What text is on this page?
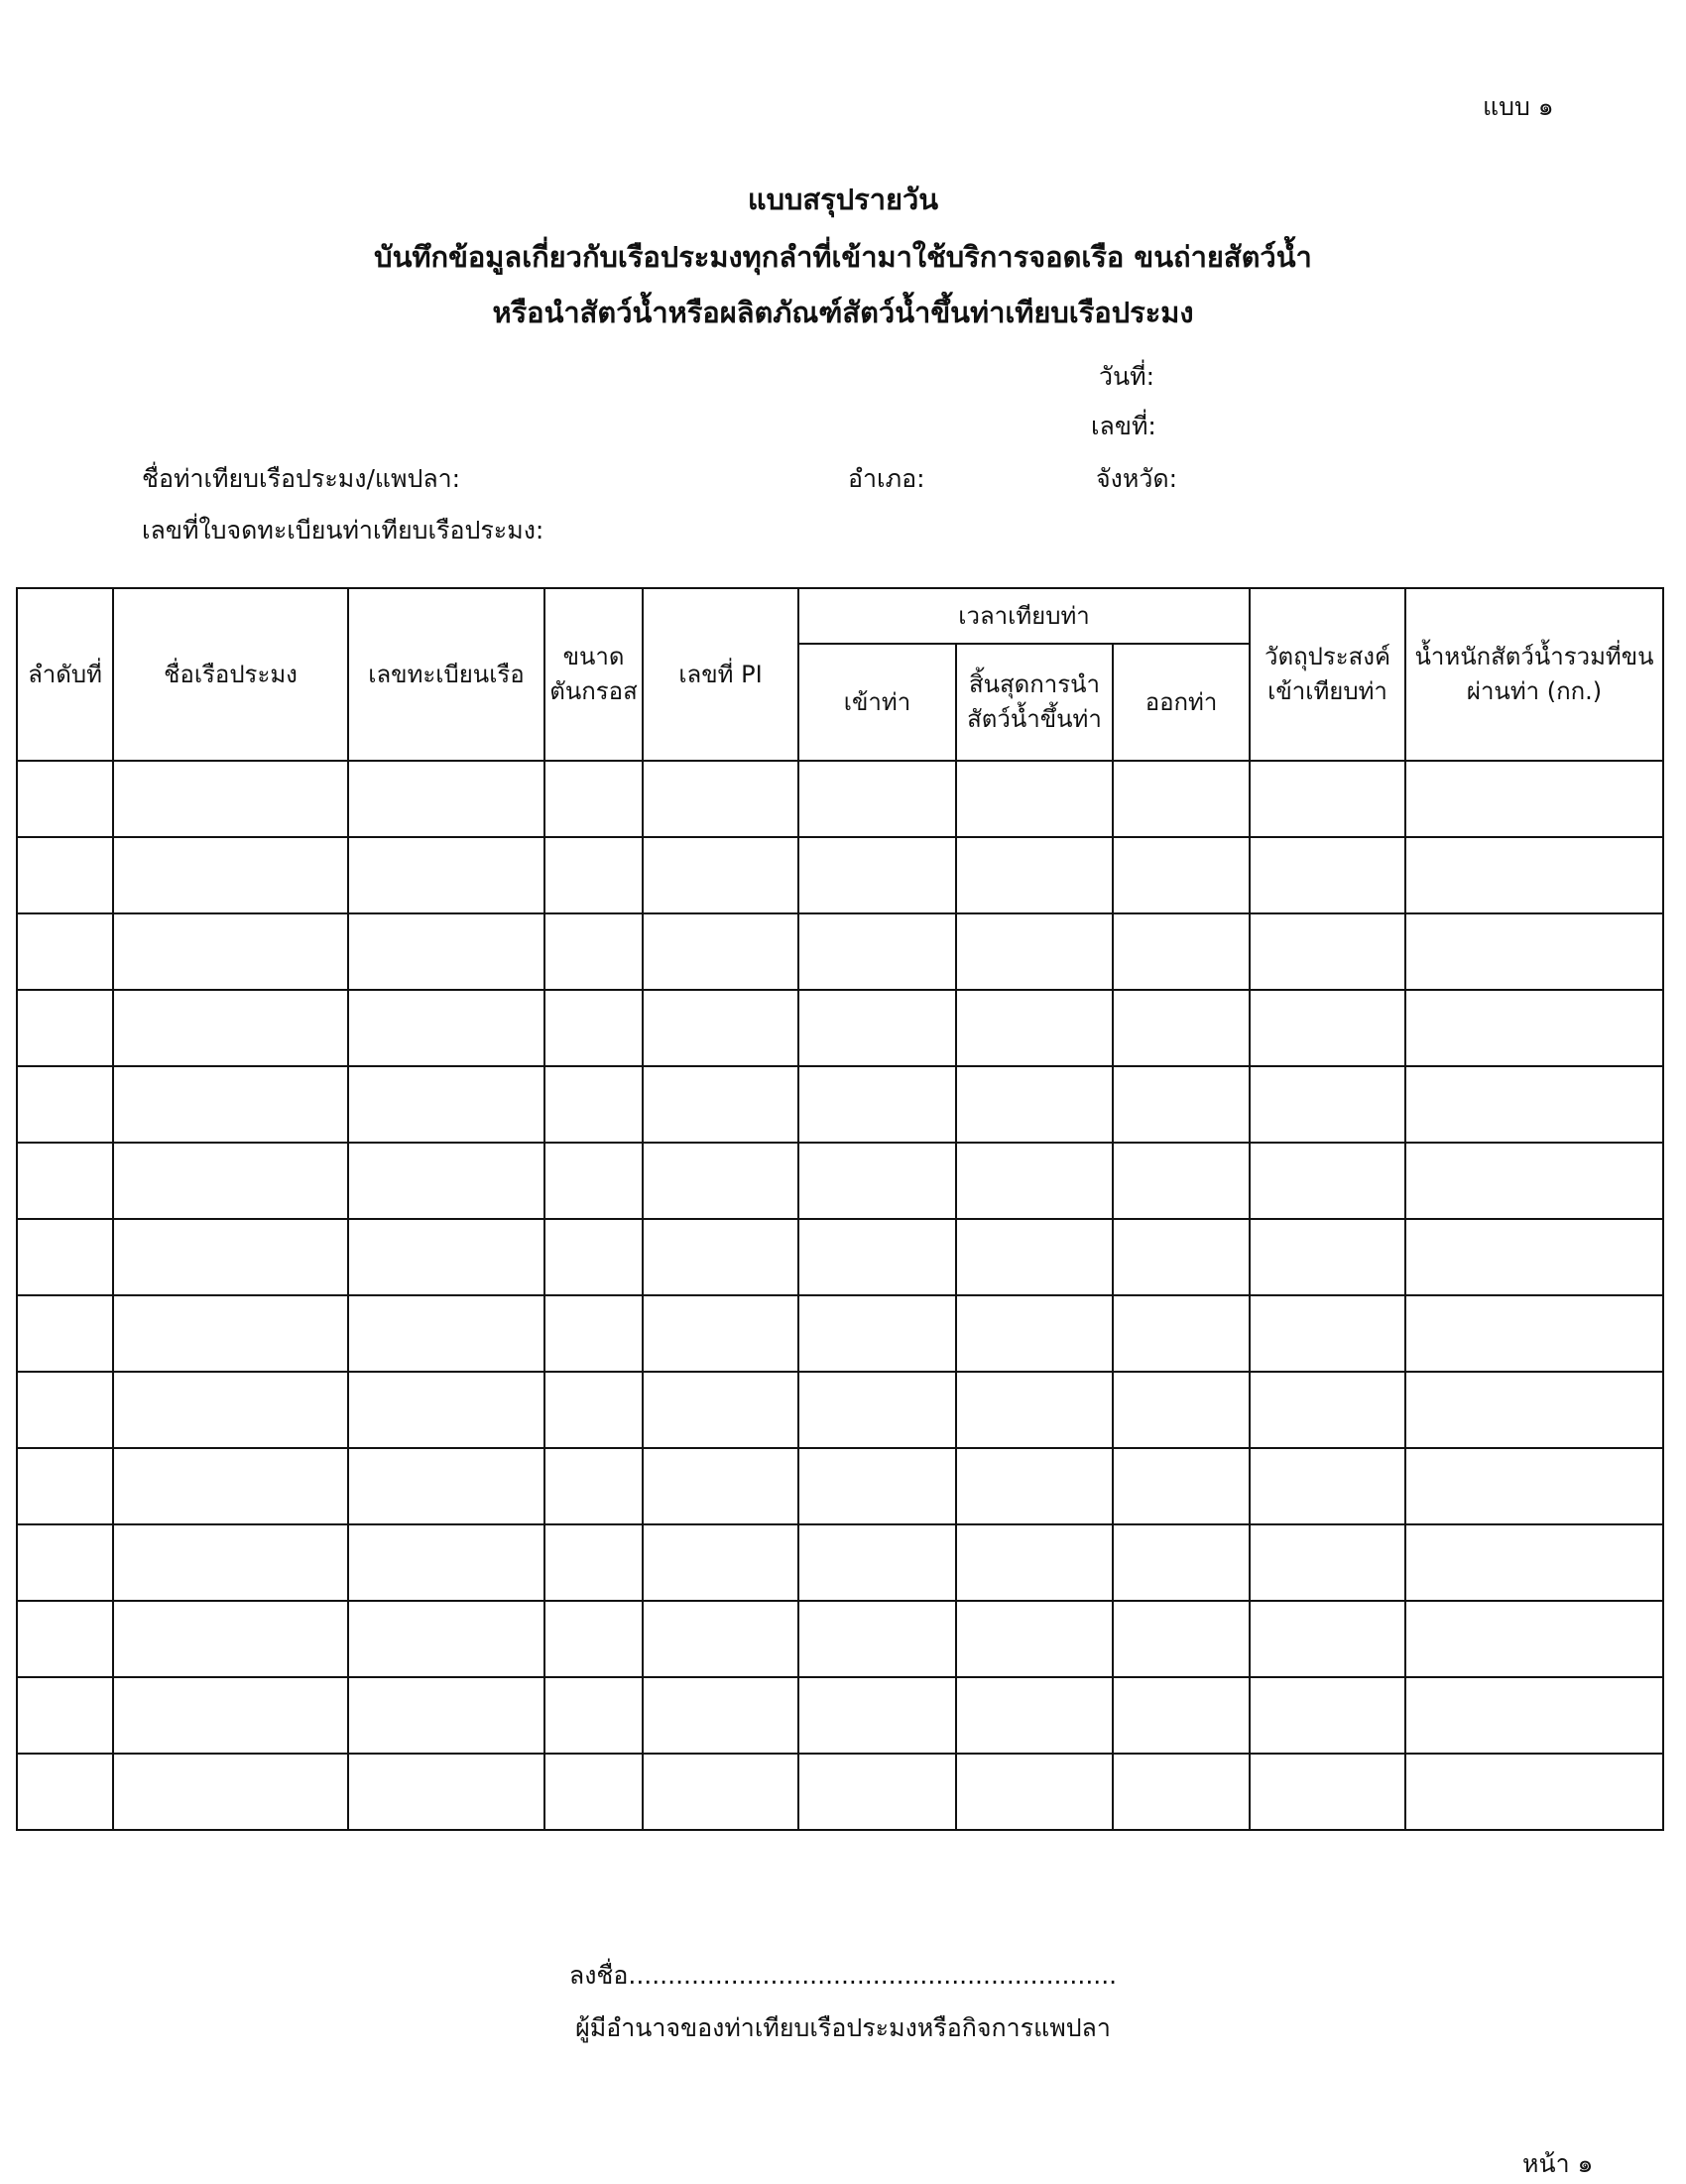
แบบ ๑
แบบสรุปรายวัน
บันทึกข้อมูลเกี่ยวกับเรือประมงทุกลำที่เข้ามาใช้บริการจอดเรือ ขนถ่ายสัตว์น้ำ
หรือนำสัตว์น้ำหรือผลิตภัณฑ์สัตว์น้ำขึ้นท่าเทียบเรือประมง
วันที่:
เลขที่:
ชื่อท่าเทียบเรือประมง/แพปลา:	อำเภอ:	จังหวัด:
เลขที่ใบจดทะเบียนท่าเทียบเรือประมง:
ลำดับที่	ชื่อเรือประมง	เลขทะเบียนเรือ	ขนาดตันกรอส	เลขที่ PI	เวลาเทียบท่า			วัตถุประสงค์เข้าเทียบท่า	น้ำหนักสัตว์น้ำรวมที่ขนผ่านท่า (กก.)
					เข้าท่า	สิ้นสุดการนำสัตว์น้ำขึ้นท่า	ออกท่า		

ลงชื่อ..............................................................
ผู้มีอำนาจของท่าเทียบเรือประมงหรือกิจการแพปลา
หน้า ๑
